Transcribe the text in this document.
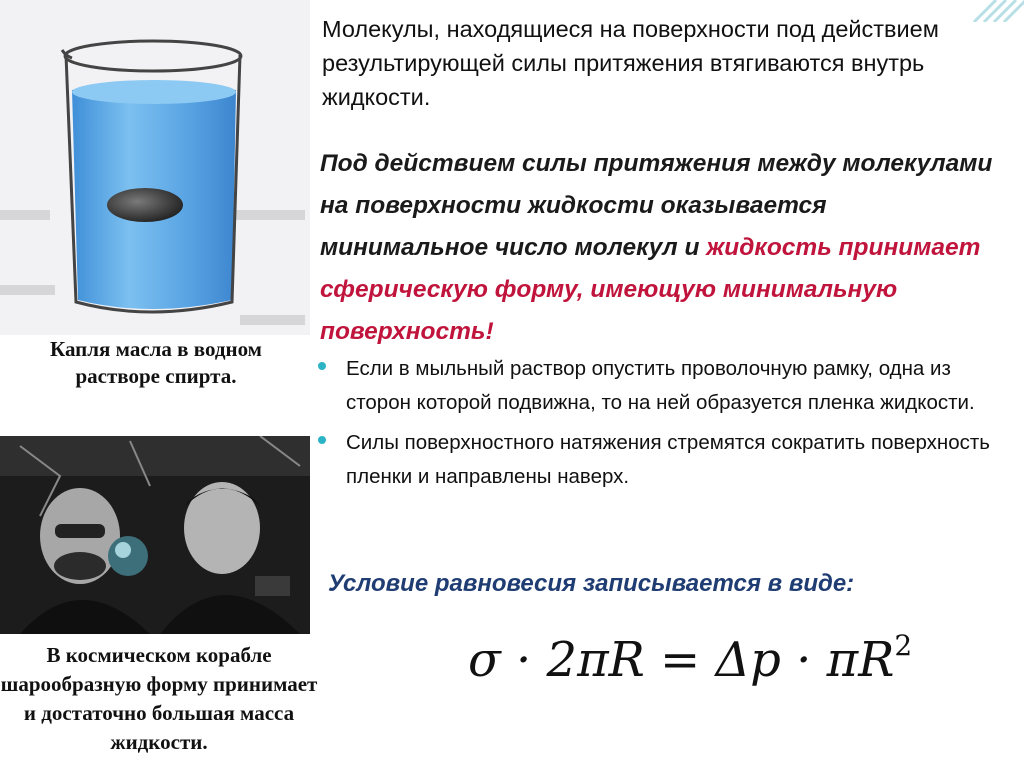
Капля масла в водном растворе спирта.
В космическом корабле шарообразную форму принимает и достаточно большая масса жидкости.
Молекулы, находящиеся на поверхности под действием результирующей силы притяжения втягиваются внутрь жидкости.
Под действием силы притяжения между молекулами на поверхности жидкости оказывается минимальное число молекул и жидкость принимает сферическую форму, имеющую минимальную поверхность!
Если в мыльный раствор опустить проволочную рамку, одна из сторон которой подвижна, то на ней образуется пленка жидкости.
Силы поверхностного натяжения стремятся сократить поверхность пленки и направлены наверх.
Условие равновесия записывается в виде:
$\sigma \cdot 2\pi R = \Delta p \cdot \pi R^2$
